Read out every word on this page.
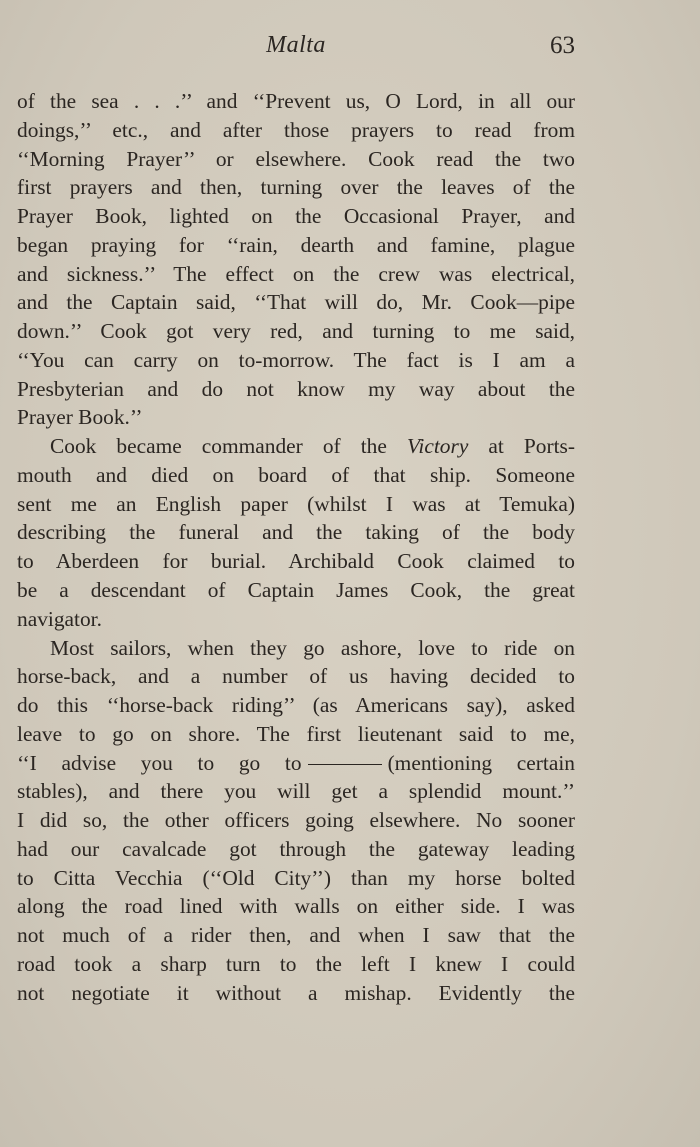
Malta	63
of the sea . . .’’ and ‘‘Prevent us, O Lord, in all our
doings,’’ etc., and after those prayers to read from
‘‘Morning Prayer’’ or elsewhere. Cook read the two
first prayers and then, turning over the leaves of the
Prayer Book, lighted on the Occasional Prayer, and
began praying for ‘‘rain, dearth and famine, plague
and sickness.’’ The effect on the crew was electrical,
and the Captain said, ‘‘That will do, Mr. Cook—pipe
down.’’ Cook got very red, and turning to me said,
‘‘You can carry on to-morrow. The fact is I am a
Presbyterian and do not know my way about the
Prayer Book.’’
Cook became commander of the Victory at Ports-
mouth and died on board of that ship. Someone
sent me an English paper (whilst I was at Temuka)
describing the funeral and the taking of the body
to Aberdeen for burial. Archibald Cook claimed to
be a descendant of Captain James Cook, the great
navigator.
Most sailors, when they go ashore, love to ride on
horse-back, and a number of us having decided to
do this ‘‘horse-back riding’’ (as Americans say), asked
leave to go on shore. The first lieutenant said to me,
‘‘I advise you to go to	(mentioning certain
stables), and there you will get a splendid mount.’’
I did so, the other officers going elsewhere. No sooner
had our cavalcade got through the gateway leading
to Citta Vecchia (‘‘Old City’’) than my horse bolted
along the road lined with walls on either side. I was
not much of a rider then, and when I saw that the
road took a sharp turn to the left I knew I could
not negotiate it without a mishap. Evidently the
